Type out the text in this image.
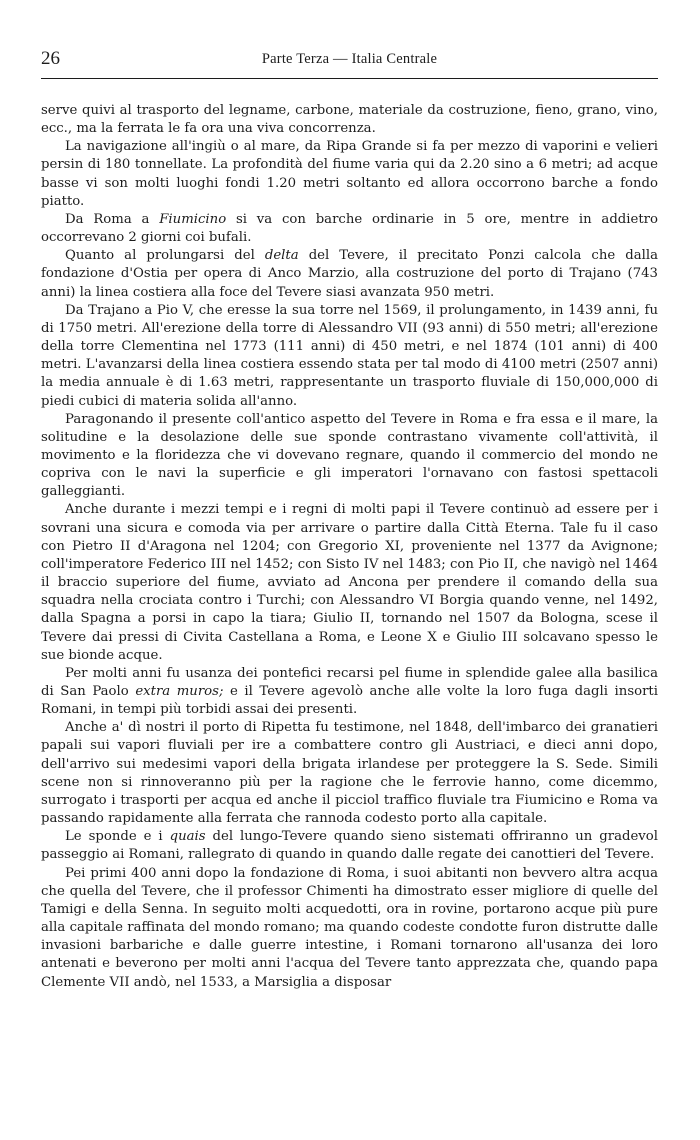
26	Parte Terza — Italia Centrale

serve quivi al trasporto del legname, carbone, materiale da costruzione, fieno, grano, vino, ecc., ma la ferrata le fa ora una viva concorrenza.

La navigazione all'ingiù o al mare, da Ripa Grande si fa per mezzo di vaporini e velieri persin di 180 tonnellate. La profondità del fiume varia qui da 2.20 sino a 6 metri; ad acque basse vi son molti luoghi fondi 1.20 metri soltanto ed allora occorrono barche a fondo piatto.

Da Roma a Fiumicino si va con barche ordinarie in 5 ore, mentre in addietro occorrevano 2 giorni coi bufali.

Quanto al prolungarsi del delta del Tevere, il precitato Ponzi calcola che dalla fondazione d'Ostia per opera di Anco Marzio, alla costruzione del porto di Trajano (743 anni) la linea costiera alla foce del Tevere siasi avanzata 950 metri.

Da Trajano a Pio V, che eresse la sua torre nel 1569, il prolungamento, in 1439 anni, fu di 1750 metri. All'erezione della torre di Alessandro VII (93 anni) di 550 metri; all'erezione della torre Clementina nel 1773 (111 anni) di 450 metri, e nel 1874 (101 anni) di 400 metri. L'avanzarsi della linea costiera essendo stata per tal modo di 4100 metri (2507 anni) la media annuale è di 1.63 metri, rappresentante un trasporto fluviale di 150,000,000 di piedi cubici di materia solida all'anno.

Paragonando il presente coll'antico aspetto del Tevere in Roma e fra essa e il mare, la solitudine e la desolazione delle sue sponde contrastano vivamente coll'attività, il movimento e la floridezza che vi dovevano regnare, quando il commercio del mondo ne copriva con le navi la superficie e gli imperatori l'ornavano con fastosi spettacoli galleggianti.

Anche durante i mezzi tempi e i regni di molti papi il Tevere continuò ad essere per i sovrani una sicura e comoda via per arrivare o partire dalla Città Eterna. Tale fu il caso con Pietro II d'Aragona nel 1204; con Gregorio XI, proveniente nel 1377 da Avignone; coll'imperatore Federico III nel 1452; con Sisto IV nel 1483; con Pio II, che navigò nel 1464 il braccio superiore del fiume, avviato ad Ancona per prendere il comando della sua squadra nella crociata contro i Turchi; con Alessandro VI Borgia quando venne, nel 1492, dalla Spagna a porsi in capo la tiara; Giulio II, tornando nel 1507 da Bologna, scese il Tevere dai pressi di Civita Castellana a Roma, e Leone X e Giulio III solcavano spesso le sue bionde acque.

Per molti anni fu usanza dei pontefici recarsi pel fiume in splendide galee alla basilica di San Paolo extra muros; e il Tevere agevolò anche alle volte la loro fuga dagli insorti Romani, in tempi più torbidi assai dei presenti.

Anche a' dì nostri il porto di Ripetta fu testimone, nel 1848, dell'imbarco dei granatieri papali sui vapori fluviali per ire a combattere contro gli Austriaci, e dieci anni dopo, dell'arrivo sui medesimi vapori della brigata irlandese per proteggere la S. Sede. Simili scene non si rinnoveranno più per la ragione che le ferrovie hanno, come dicemmo, surrogato i trasporti per acqua ed anche il picciol traffico fluviale tra Fiumicino e Roma va passando rapidamente alla ferrata che rannoda codesto porto alla capitale.

Le sponde e i quais del lungo-Tevere quando sieno sistemati offriranno un gradevol passeggio ai Romani, rallegrato di quando in quando dalle regate dei canottieri del Tevere.

Pei primi 400 anni dopo la fondazione di Roma, i suoi abitanti non bevvero altra acqua che quella del Tevere, che il professor Chimenti ha dimostrato esser migliore di quelle del Tamigi e della Senna. In seguito molti acquedotti, ora in rovine, portarono acque più pure alla capitale raffinata del mondo romano; ma quando codeste condotte furon distrutte dalle invasioni barbariche e dalle guerre intestine, i Romani tornarono all'usanza dei loro antenati e beverono per molti anni l'acqua del Tevere tanto apprezzata che, quando papa Clemente VII andò, nel 1533, a Marsiglia a disposar
